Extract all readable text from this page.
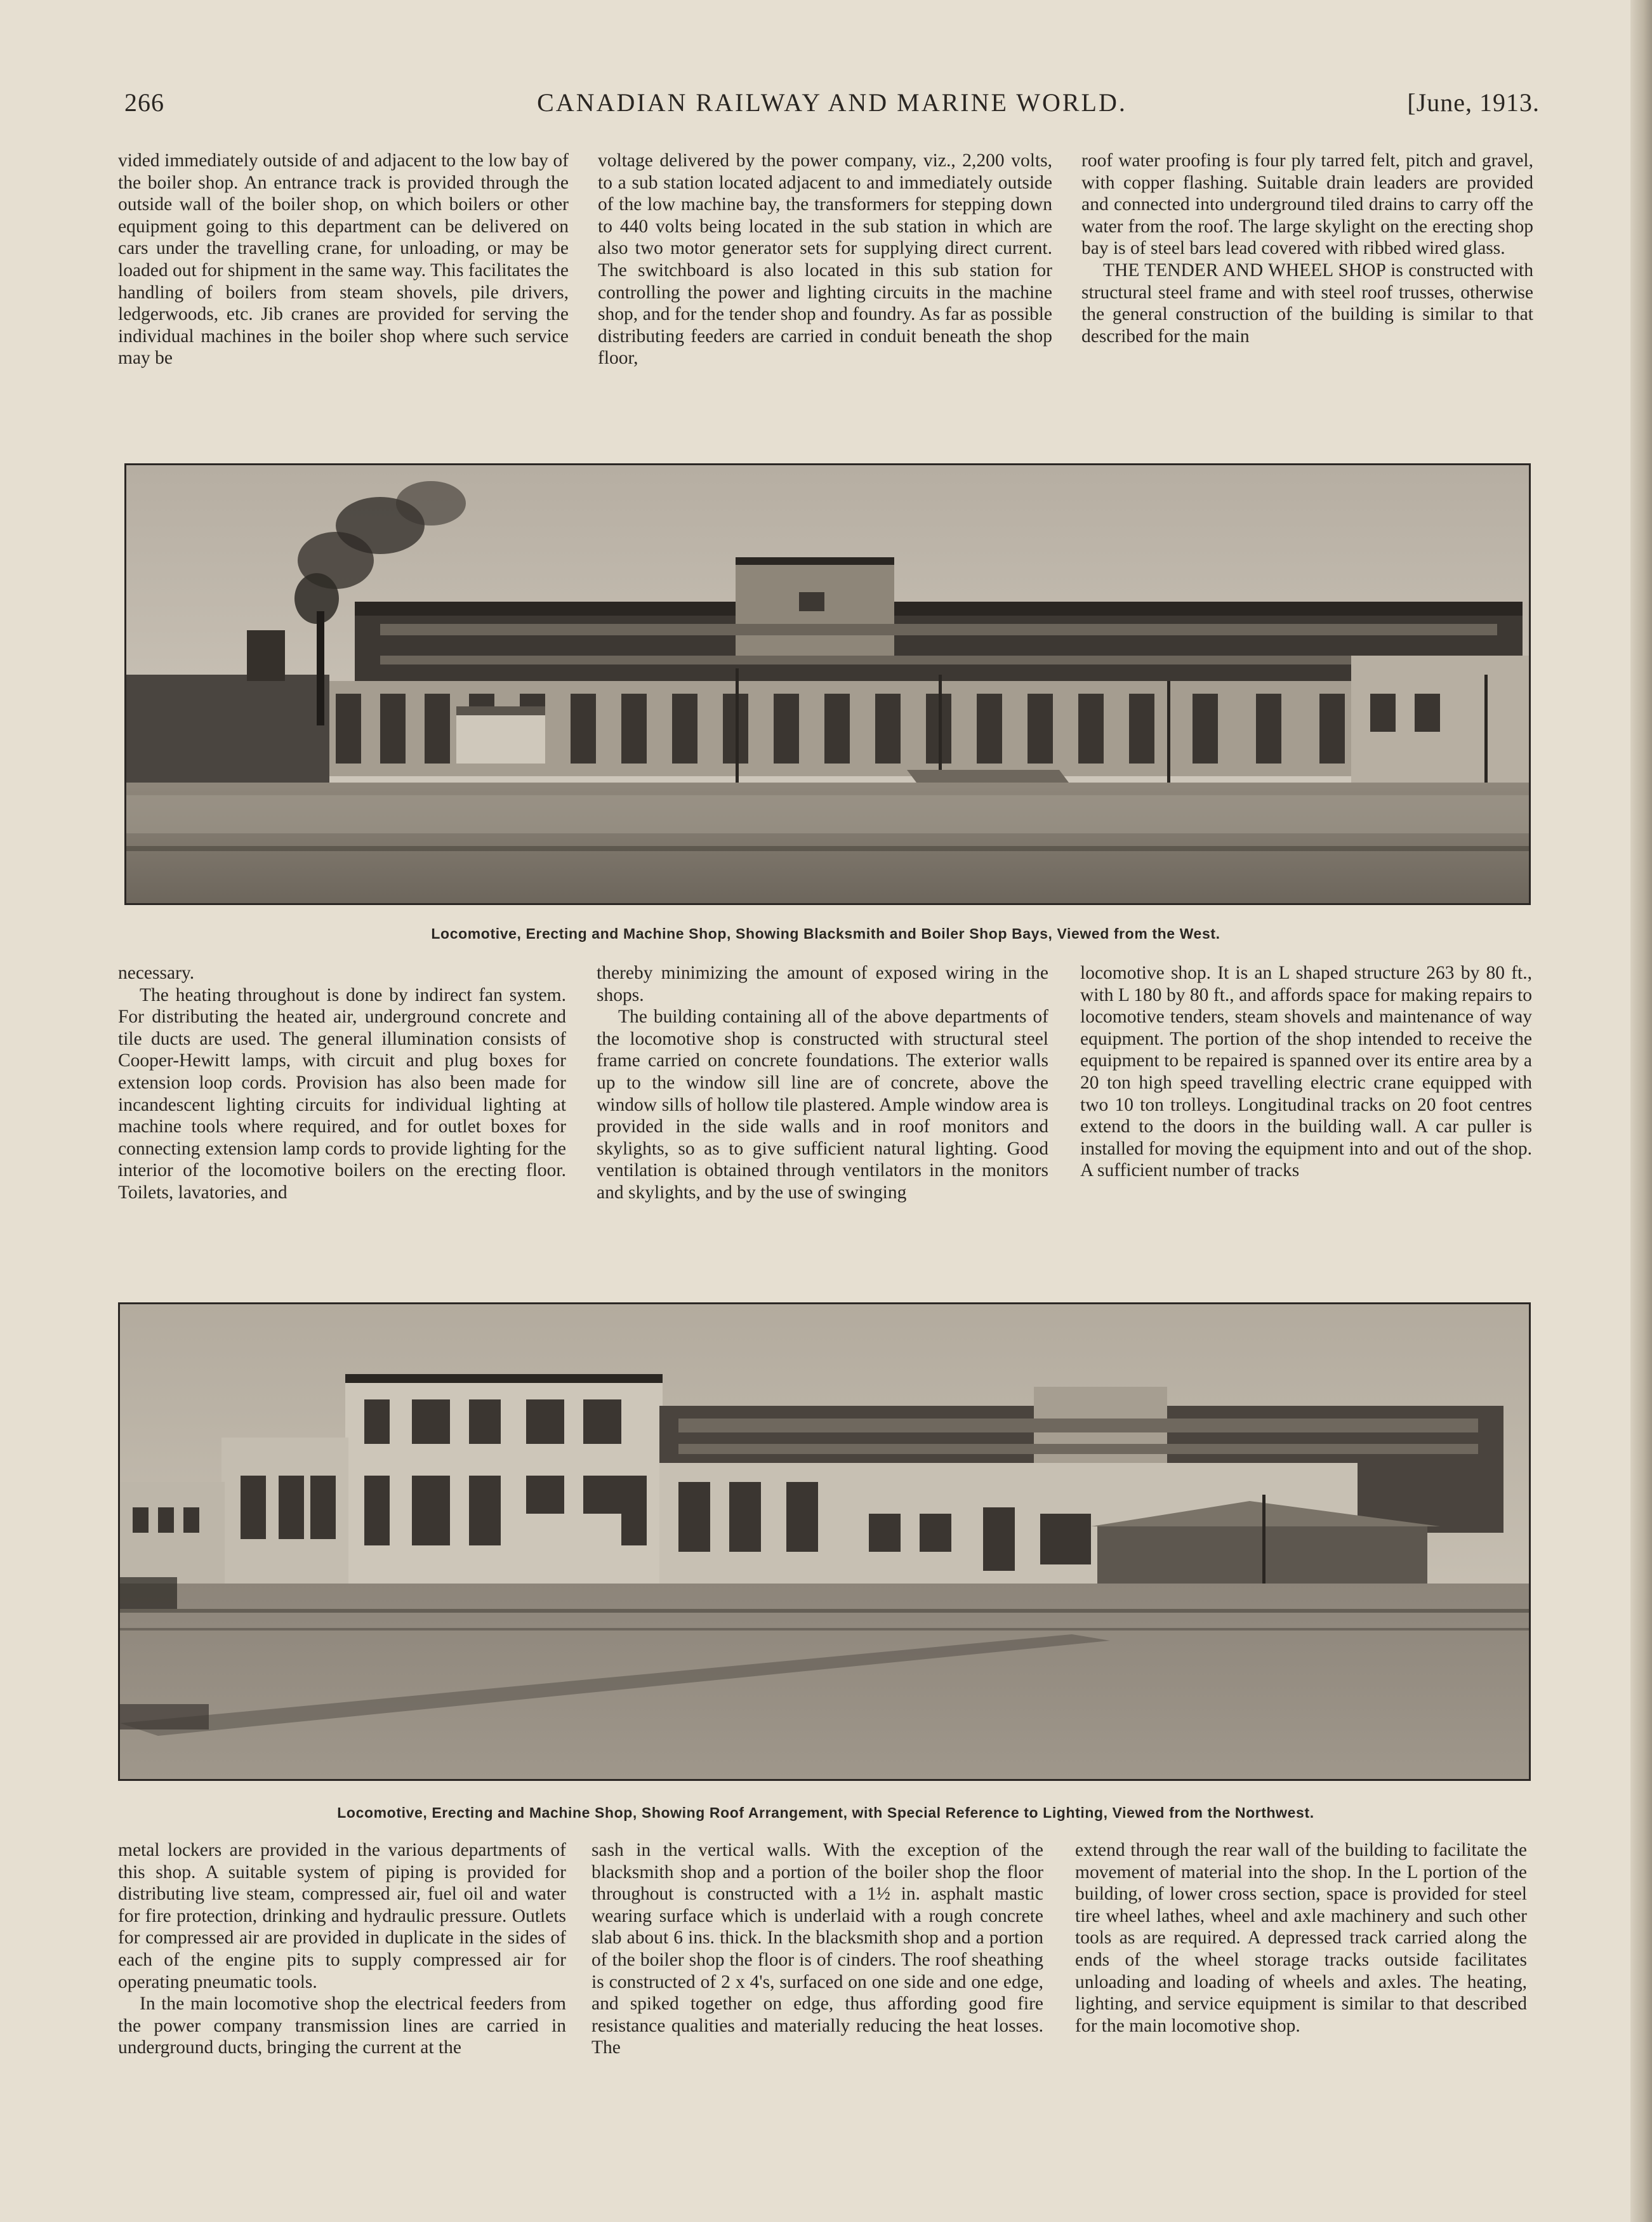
266	CANADIAN RAILWAY AND MARINE WORLD.	[June, 1913.

vided immediately outside of and adjacent to the low bay of the boiler shop. An entrance track is provided through the outside wall of the boiler shop, on which boilers or other equipment going to this department can be delivered on cars under the travelling crane, for unloading, or may be loaded out for shipment in the same way. This facilitates the handling of boilers from steam shovels, pile drivers, ledgerwoods, etc. Jib cranes are provided for serving the individual machines in the boiler shop where such service may be

voltage delivered by the power company, viz., 2,200 volts, to a sub station located adjacent to and immediately outside of the low machine bay, the transformers for stepping down to 440 volts being located in the sub station in which are also two motor generator sets for supplying direct current. The switchboard is also located in this sub station for controlling the power and lighting circuits in the machine shop, and for the tender shop and foundry. As far as possible distributing feeders are carried in conduit beneath the shop floor,

roof water proofing is four ply tarred felt, pitch and gravel, with copper flashing. Suitable drain leaders are provided and connected into underground tiled drains to carry off the water from the roof. The large skylight on the erecting shop bay is of steel bars lead covered with ribbed wired glass.

THE TENDER AND WHEEL SHOP is constructed with structural steel frame and with steel roof trusses, otherwise the general construction of the building is similar to that described for the main

Locomotive, Erecting and Machine Shop, Showing Blacksmith and Boiler Shop Bays, Viewed from the West.

necessary.

The heating throughout is done by indirect fan system. For distributing the heated air, underground concrete and tile ducts are used. The general illumination consists of Cooper-Hewitt lamps, with circuit and plug boxes for extension loop cords. Provision has also been made for incandescent lighting circuits for individual lighting at machine tools where required, and for outlet boxes for connecting extension lamp cords to provide lighting for the interior of the locomotive boilers on the erecting floor. Toilets, lavatories, and

thereby minimizing the amount of exposed wiring in the shops.

The building containing all of the above departments of the locomotive shop is constructed with structural steel frame carried on concrete foundations. The exterior walls up to the window sill line are of concrete, above the window sills of hollow tile plastered. Ample window area is provided in the side walls and in roof monitors and skylights, so as to give sufficient natural lighting. Good ventilation is obtained through ventilators in the monitors and skylights, and by the use of swinging

locomotive shop. It is an L shaped structure 263 by 80 ft., with L 180 by 80 ft., and affords space for making repairs to locomotive tenders, steam shovels and maintenance of way equipment. The portion of the shop intended to receive the equipment to be repaired is spanned over its entire area by a 20 ton high speed travelling electric crane equipped with two 10 ton trolleys. Longitudinal tracks on 20 foot centres extend to the doors in the building wall. A car puller is installed for moving the equipment into and out of the shop. A sufficient number of tracks

Locomotive, Erecting and Machine Shop, Showing Roof Arrangement, with Special Reference to Lighting, Viewed from the Northwest.

metal lockers are provided in the various departments of this shop. A suitable system of piping is provided for distributing live steam, compressed air, fuel oil and water for fire protection, drinking and hydraulic pressure. Outlets for compressed air are provided in duplicate in the sides of each of the engine pits to supply compressed air for operating pneumatic tools.

In the main locomotive shop the electrical feeders from the power company transmission lines are carried in underground ducts, bringing the current at the

sash in the vertical walls. With the exception of the blacksmith shop and a portion of the boiler shop the floor throughout is constructed with a 1½ in. asphalt mastic wearing surface which is underlaid with a rough concrete slab about 6 ins. thick. In the blacksmith shop and a portion of the boiler shop the floor is of cinders. The roof sheathing is constructed of 2 x 4's, surfaced on one side and one edge, and spiked together on edge, thus affording good fire resistance qualities and materially reducing the heat losses. The

extend through the rear wall of the building to facilitate the movement of material into the shop. In the L portion of the building, of lower cross section, space is provided for steel tire wheel lathes, wheel and axle machinery and such other tools as are required. A depressed track carried along the ends of the wheel storage tracks outside facilitates unloading and loading of wheels and axles. The heating, lighting, and service equipment is similar to that described for the main locomotive shop.
